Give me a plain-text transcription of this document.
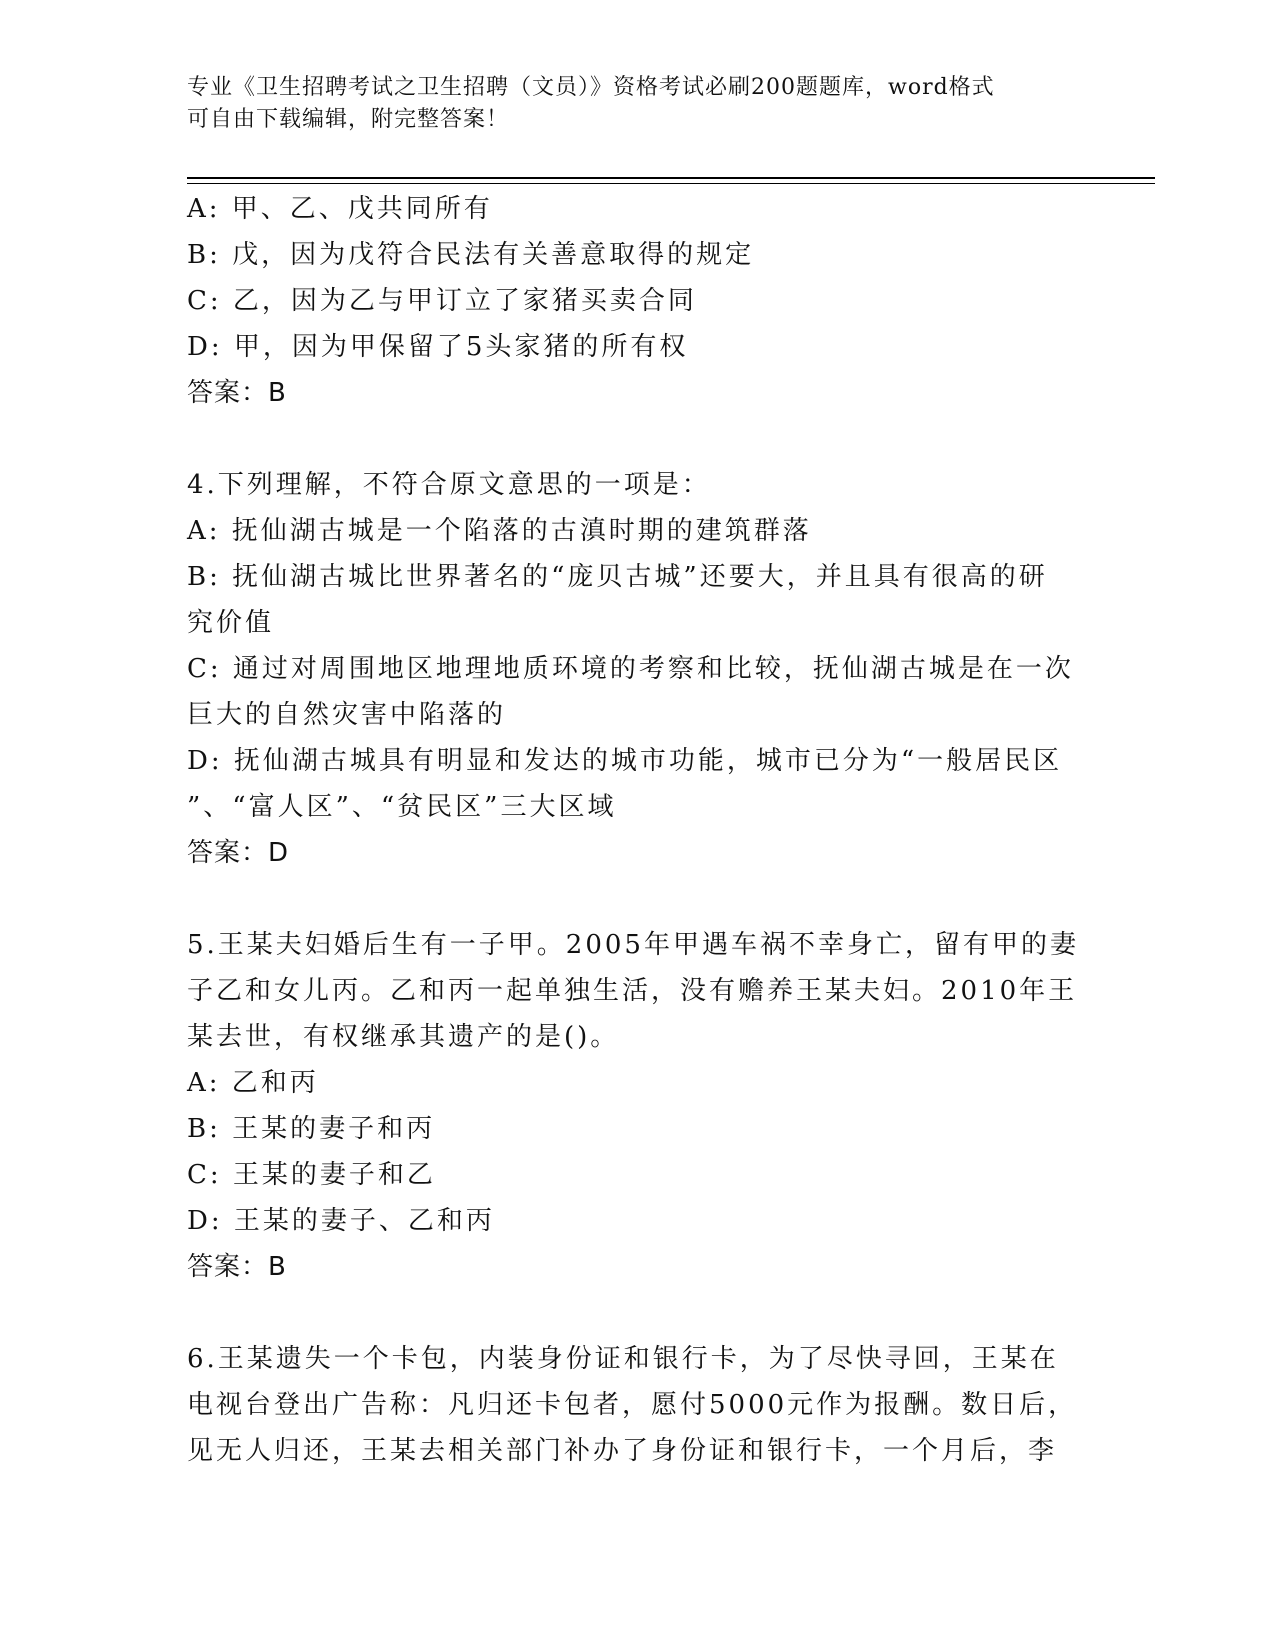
专业《卫生招聘考试之卫生招聘（文员）》资格考试必刷200题题库，word格式
可自由下载编辑，附完整答案！
A: 甲、乙、戊共同所有
B: 戊，因为戊符合民法有关善意取得的规定
C: 乙，因为乙与甲订立了家猪买卖合同
D: 甲，因为甲保留了5头家猪的所有权
答案：B
4.下列理解，不符合原文意思的一项是：
A: 抚仙湖古城是一个陷落的古滇时期的建筑群落
B: 抚仙湖古城比世界著名的“庞贝古城”还要大，并且具有很高的研
究价值
C: 通过对周围地区地理地质环境的考察和比较，抚仙湖古城是在一次
巨大的自然灾害中陷落的
D: 抚仙湖古城具有明显和发达的城市功能，城市已分为“一般居民区
”、“富人区”、“贫民区”三大区域
答案：D
5.王某夫妇婚后生有一子甲。2005年甲遇车祸不幸身亡，留有甲的妻
子乙和女儿丙。乙和丙一起单独生活，没有赡养王某夫妇。2010年王
某去世，有权继承其遗产的是()。
A: 乙和丙
B: 王某的妻子和丙
C: 王某的妻子和乙
D: 王某的妻子、乙和丙
答案：B
6.王某遗失一个卡包，内装身份证和银行卡，为了尽快寻回，王某在
电视台登出广告称：凡归还卡包者，愿付5000元作为报酬。数日后，
见无人归还，王某去相关部门补办了身份证和银行卡，一个月后，李
